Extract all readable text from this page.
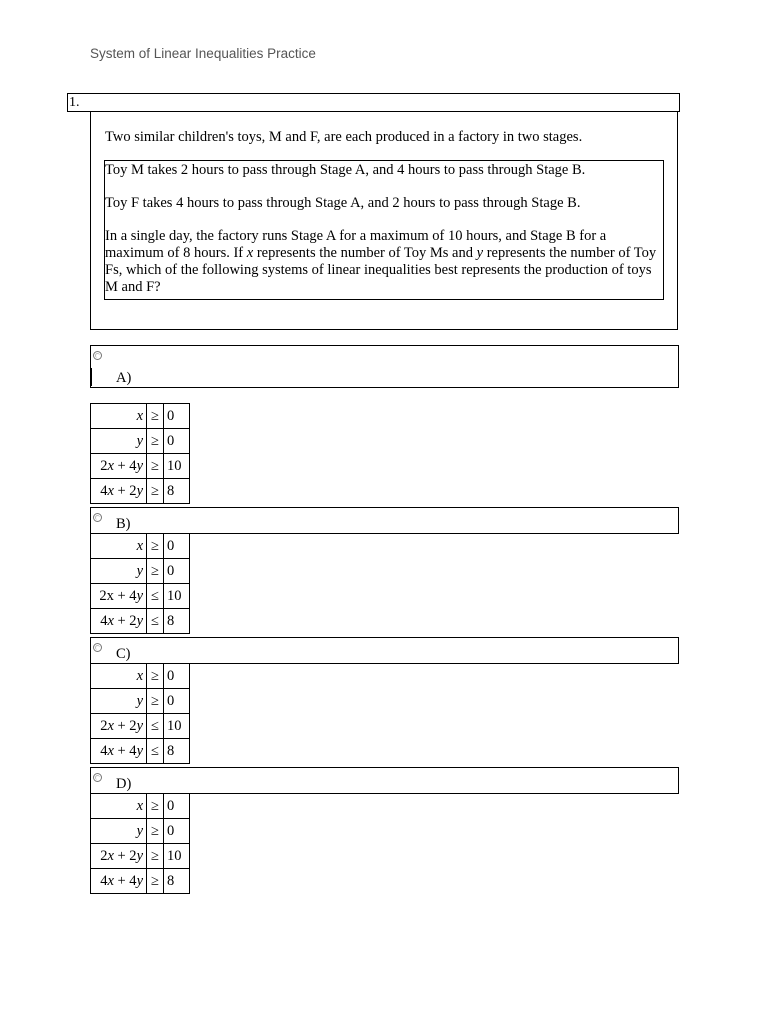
System of Linear Inequalities Practice
1.
Two similar children's toys, M and F, are each produced in a factory in two stages.

Toy M takes 2 hours to pass through Stage A, and 4 hours to pass through Stage B.

Toy F takes 4 hours to pass through Stage A, and 2 hours to pass through Stage B.

In a single day, the factory runs Stage A for a maximum of 10 hours, and Stage B for a maximum of 8 hours. If x represents the number of Toy Ms and y represents the number of Toy Fs, which of the following systems of linear inequalities best represents the production of toys M and F?

A)
x	≥	0
y	≥	0
2x + 4y	≥	10
4x + 2y	≥	8
B)
x	≥	0
y	≥	0
2x + 4y	≤	10
4x + 2y	≤	8
C)
x	≥	0
y	≥	0
2x + 2y	≤	10
4x + 4y	≤	8
D)
x	≥	0
y	≥	0
2x + 2y	≥	10
4x + 4y	≥	8
